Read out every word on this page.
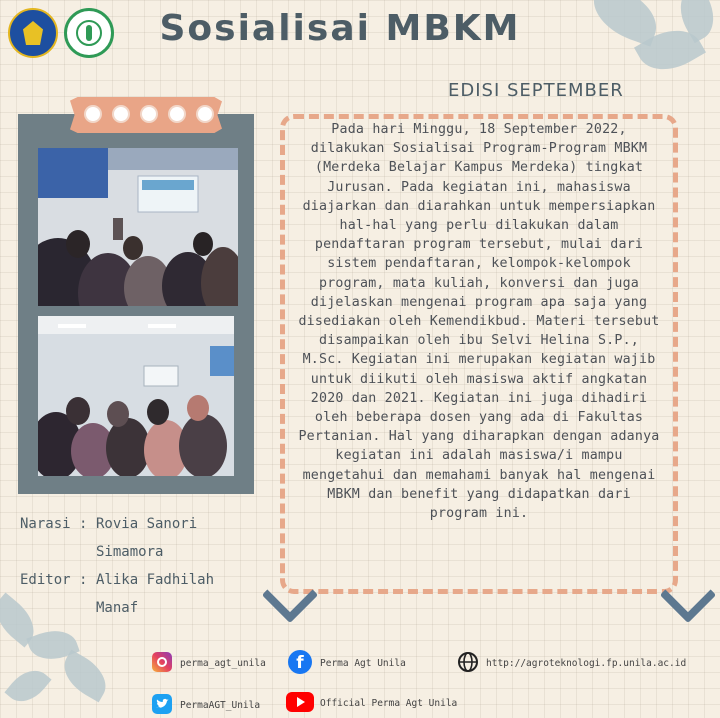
Sosialisai MBKM
EDISI SEPTEMBER
Pada hari Minggu, 18 September 2022, dilakukan Sosialisai Program-Program MBKM (Merdeka Belajar Kampus Merdeka) tingkat Jurusan. Pada kegiatan ini, mahasiswa diajarkan dan diarahkan untuk mempersiapkan hal-hal yang perlu dilakukan dalam pendaftaran program tersebut, mulai dari sistem pendaftaran, kelompok-kelompok program, mata kuliah, konversi dan juga dijelaskan mengenai program apa saja yang disediakan oleh Kemendikbud. Materi tersebut disampaikan oleh ibu Selvi Helina S.P., M.Sc. Kegiatan ini merupakan kegiatan wajib untuk diikuti oleh masiswa aktif angkatan 2020 dan 2021. Kegiatan ini juga dihadiri oleh beberapa dosen yang ada di Fakultas Pertanian. Hal yang diharapkan dengan adanya kegiatan ini adalah masiswa/i mampu mengetahui dan memahami banyak hal mengenai MBKM dan benefit yang didapatkan dari program ini.
Narasi : Rovia Sanori
Simamora
Editor : Alika Fadhilah
Manaf
perma_agt_unila	f	Perma Agt Unila	http://agroteknologi.fp.unila.ac.id
PermaAGT_Unila	Official Perma Agt Unila
